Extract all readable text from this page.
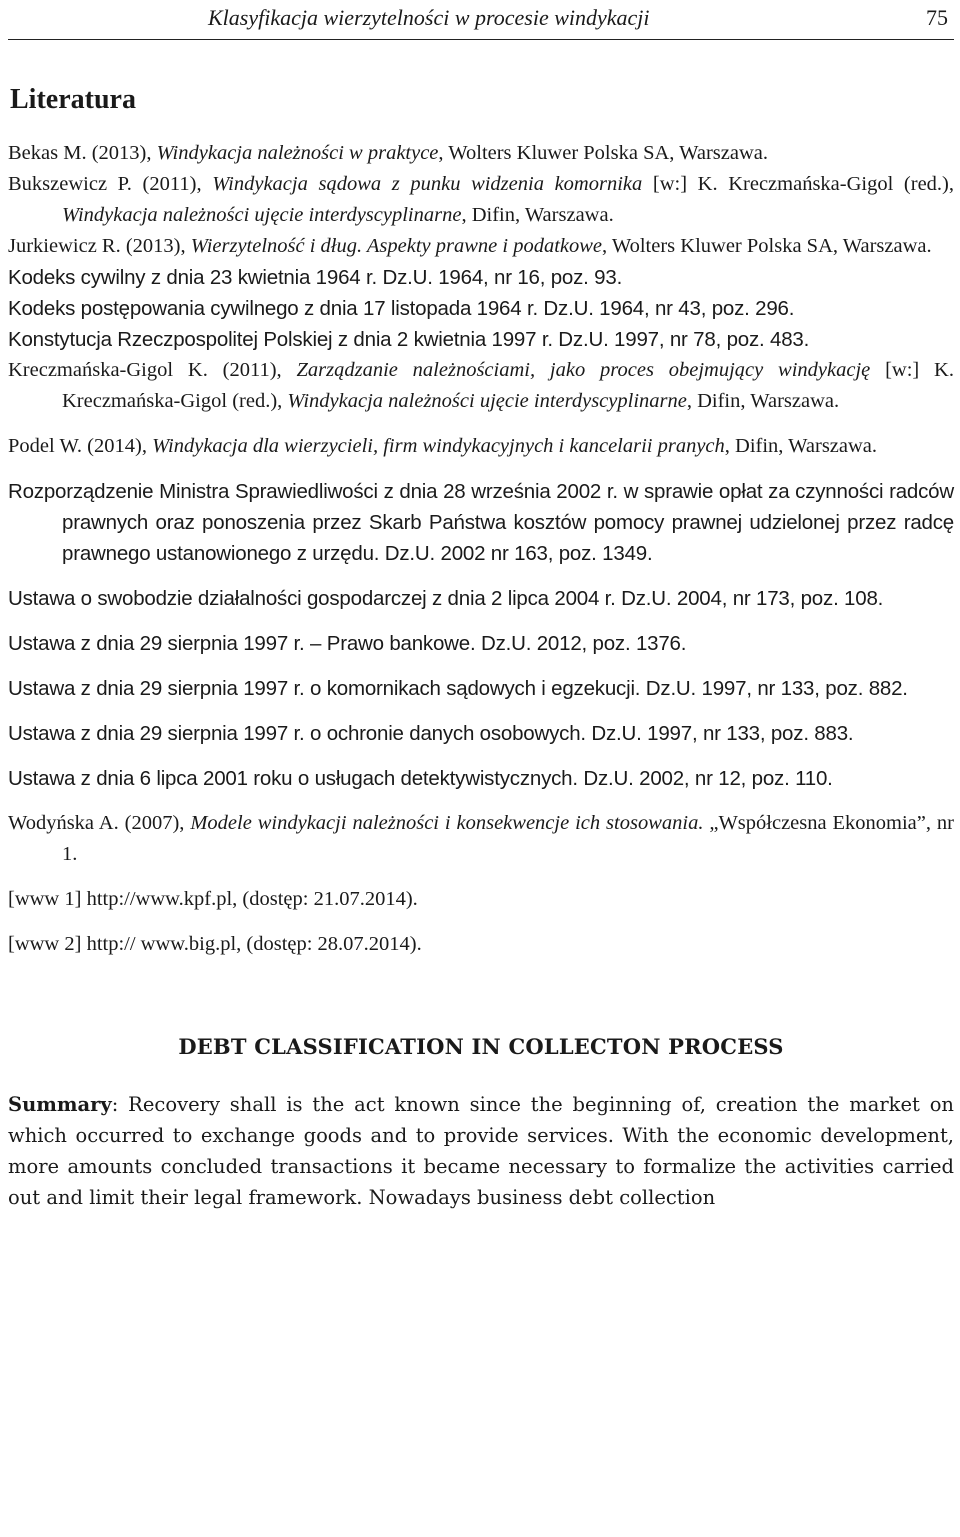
Klasyfikacja wierzytelności w procesie windykacji	75
Literatura
Bekas M. (2013), Windykacja należności w praktyce, Wolters Kluwer Polska SA, Warszawa.
Bukszewicz P. (2011), Windykacja sądowa z punku widzenia komornika [w:] K. Kreczmańska-Gigol (red.), Windykacja należności ujęcie interdyscyplinarne, Difin, Warszawa.
Jurkiewicz R. (2013), Wierzytelność i dług. Aspekty prawne i podatkowe, Wolters Kluwer Polska SA, Warszawa.
Kodeks cywilny z dnia 23 kwietnia 1964 r. Dz.U. 1964, nr 16, poz. 93.
Kodeks postępowania cywilnego z dnia 17 listopada 1964 r. Dz.U. 1964, nr 43, poz. 296.
Konstytucja Rzeczpospolitej Polskiej z dnia 2 kwietnia 1997 r. Dz.U. 1997, nr 78, poz. 483.
Kreczmańska-Gigol K. (2011), Zarządzanie należnościami, jako proces obejmujący windykację [w:] K. Kreczmańska-Gigol (red.), Windykacja należności ujęcie interdyscyplinarne, Difin, Warszawa.
Podel W. (2014), Windykacja dla wierzycieli, firm windykacyjnych i kancelarii pranych, Difin, Warszawa.
Rozporządzenie Ministra Sprawiedliwości z dnia 28 września 2002 r. w sprawie opłat za czynności radców prawnych oraz ponoszenia przez Skarb Państwa kosztów pomocy prawnej udzielonej przez radcę prawnego ustanowionego z urzędu. Dz.U. 2002 nr 163, poz. 1349.
Ustawa o swobodzie działalności gospodarczej z dnia 2 lipca 2004 r. Dz.U. 2004, nr 173, poz. 108.
Ustawa z dnia 29 sierpnia 1997 r. – Prawo bankowe. Dz.U. 2012, poz. 1376.
Ustawa z dnia 29 sierpnia 1997 r. o komornikach sądowych i egzekucji. Dz.U. 1997, nr 133, poz. 882.
Ustawa z dnia 29 sierpnia 1997 r. o ochronie danych osobowych. Dz.U. 1997, nr 133, poz. 883.
Ustawa z dnia 6 lipca 2001 roku o usługach detektywistycznych. Dz.U. 2002, nr 12, poz. 110.
Wodyńska A. (2007), Modele windykacji należności i konsekwencje ich stosowania. „Współczesna Ekonomia”, nr 1.
[www 1] http://www.kpf.pl, (dostęp: 21.07.2014).
[www 2] http:// www.big.pl, (dostęp: 28.07.2014).
DEBT CLASSIFICATION IN COLLECTON PROCESS
Summary: Recovery shall is the act known since the beginning of, creation the market on which occurred to exchange goods and to provide services. With the economic development, more amounts concluded transactions it became necessary to formalize the activities carried out and limit their legal framework. Nowadays business debt collection
